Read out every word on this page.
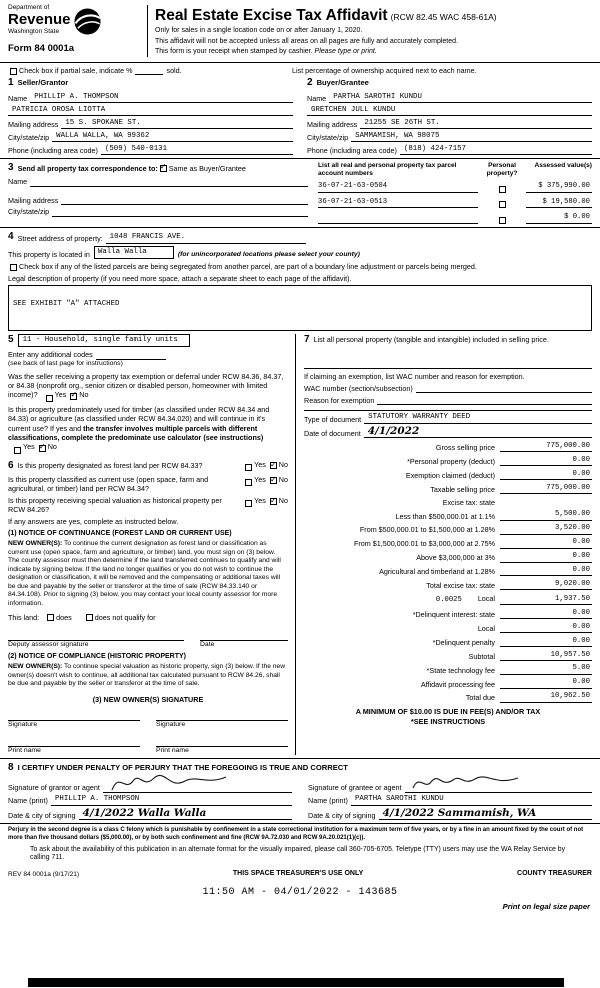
Department of
Revenue
Washington State
Form 84 0001a
Real Estate Excise Tax Affidavit (RCW 82.45 WAC 458-61A)
Only for sales in a single location code on or after January 1, 2020.
This affidavit will not be accepted unless all areas on all pages are fully and accurately completed.
This form is your receipt when stamped by cashier. Please type or print.
Check box if partial sale, indicate %	sold.	List percentage of ownership acquired next to each name.
1 Seller/Grantor
Name PHILLIP A. THOMPSON
PATRICIA OROSA LIOTTA
Mailing address 15 S. SPOKANE ST.
City/state/zip WALLA WALLA, WA 99362
Phone (including area code) (509) 540-0131
2 Buyer/Grantee
Name PARTHA SAROTHI KUNDU
GRETCHEN JULL KUNDU
Mailing address 21255 SE 26TH ST.
City/state/zip SAMMAMISH, WA 98075
Phone (including area code) (818) 424-7157
3 Send all property tax correspondence to: ✓ Same as Buyer/Grantee
Name
Mailing address
City/state/zip
List all real and personal property tax parcel account numbers
Personal property?
Assessed value(s)
36-07-21-63-0504	$ 375,990.00
36-07-21-63-0513	$ 19,580.00
$ 0.00
4 Street address of property: 1048 FRANCIS AVE.
This property is located in	Walla Walla	(for unincorporated locations please select your county)
Check box if any of the listed parcels are being segregated from another parcel, are part of a boundary line adjustment or parcels being merged.
Legal description of property (if you need more space, attach a separate sheet to each page of the affidavit).
SEE EXHIBIT "A" ATTACHED
5	11 - Household, single family units
Enter any additional codes
(see back of last page for instructions)
Was the seller receiving a property tax exemption or deferral under RCW 84.36, 84.37, or 84.38 (nonprofit org., senior citizen or disabled person, homeowner with limited income)? Yes ✓ No
Is this property predominately used for timber (as classified under RCW 84.34 and 84.33) or agriculture (as classified under RCW 84.34.020) and will continue in it's current use? If yes and the transfer involves multiple parcels with different classifications, complete the predominate use calculator (see instructions)
Yes ✓ No
6 Is this property designated as forest land per RCW 84.33?	Yes ✓ No
Is this property classified as current use (open space, farm and agricultural, or timber) land per RCW 84.34?
Yes ✓ No
Is this property receiving special valuation as historical property per RCW 84.26?
Yes ✓ No
If any answers are yes, complete as instructed below.
(1) NOTICE OF CONTINUANCE (FOREST LAND OR CURRENT USE)
NEW OWNER(S): To continue the current designation as forest land or classification as current use (open space, farm and agriculture, or timber) land, you must sign on (3) below. The county assessor must then determine if the land transferred continues to qualify and will indicate by signing below. If the land no longer qualifies or you do not wish to continue the designation or classification, it will be removed and the compensating or additional taxes will be due and payable by the seller or transferor at the time of sale (RCW 84.33.140 or 84.34.108). Prior to signing (3) below, you may contact your local county assessor for more information.
This land: does	does not qualify for
Deputy assessor signature	Date
(2) NOTICE OF COMPLIANCE (HISTORIC PROPERTY)
NEW OWNER(S): To continue special valuation as historic property, sign (3) below. If the new owner(s) doesn't wish to continue, all additional tax calculated pursuant to RCW 84.26, shall be due and payable by the seller or transferor at the time of sale.
(3) NEW OWNER(S) SIGNATURE
Signature	Signature
Print name	Print name
7 List all personal property (tangible and intangible) included in selling price.
If claiming an exemption, list WAC number and reason for exemption.
WAC number (section/subsection)
Reason for exemption
Type of document STATUTORY WARRANTY DEED
Date of document 4/1/2022
Gross selling price	775,000.00
*Personal property (deduct)	0.00
Exemption claimed (deduct)	0.00
Taxable selling price	775,000.00
Excise tax: state
Less than $500,000.01 at 1.1%	5,500.00
From $500,000.01 to $1,500,000 at 1.28%	3,520.00
From $1,500,000.01 to $3,000,000 at 2.75%	0.00
Above $3,000,000 at 3%	0.00
Agricultural and timberland at 1.28%	0.00
Total excise tax: state	9,020.00
0.0025 Local	1,937.50
*Delinquent interest: state	0.00
Local	0.00
*Delinquent penalty	0.00
Subtotal	10,957.50
*State technology fee	5.00
Affidavit processing fee	0.00
Total due	10,962.50
A MINIMUM OF $10.00 IS DUE IN FEE(S) AND/OR TAX
*SEE INSTRUCTIONS
8 I CERTIFY UNDER PENALTY OF PERJURY THAT THE FOREGOING IS TRUE AND CORRECT
Signature of grantor or agent
Name (print) PHILLIP A. THOMPSON
Date & city of signing 4/1/2022 Walla Walla
Signature of grantee or agent
Name (print) PARTHA SAROTHI KUNDU
Date & city of signing 4/1/2022 Sammamish, WA
Perjury in the second degree is a class C felony which is punishable by confinement in a state correctional institution for a maximum term of five years, or by a fine in an amount fixed by the court of not more than five thousand dollars ($5,000.00), or by both such confinement and fine (RCW 9A.72.030 and RCW 9A.20.021(1)(c)).
To ask about the availability of this publication in an alternate format for the visually impaired, please call 360-705-6705. Teletype (TTY) users may use the WA Relay Service by calling 711.
REV 84 0001a (9/17/21)	THIS SPACE TREASURER'S USE ONLY	COUNTY TREASURER
11:50 AM - 04/01/2022 - 143685
Print on legal size paper
